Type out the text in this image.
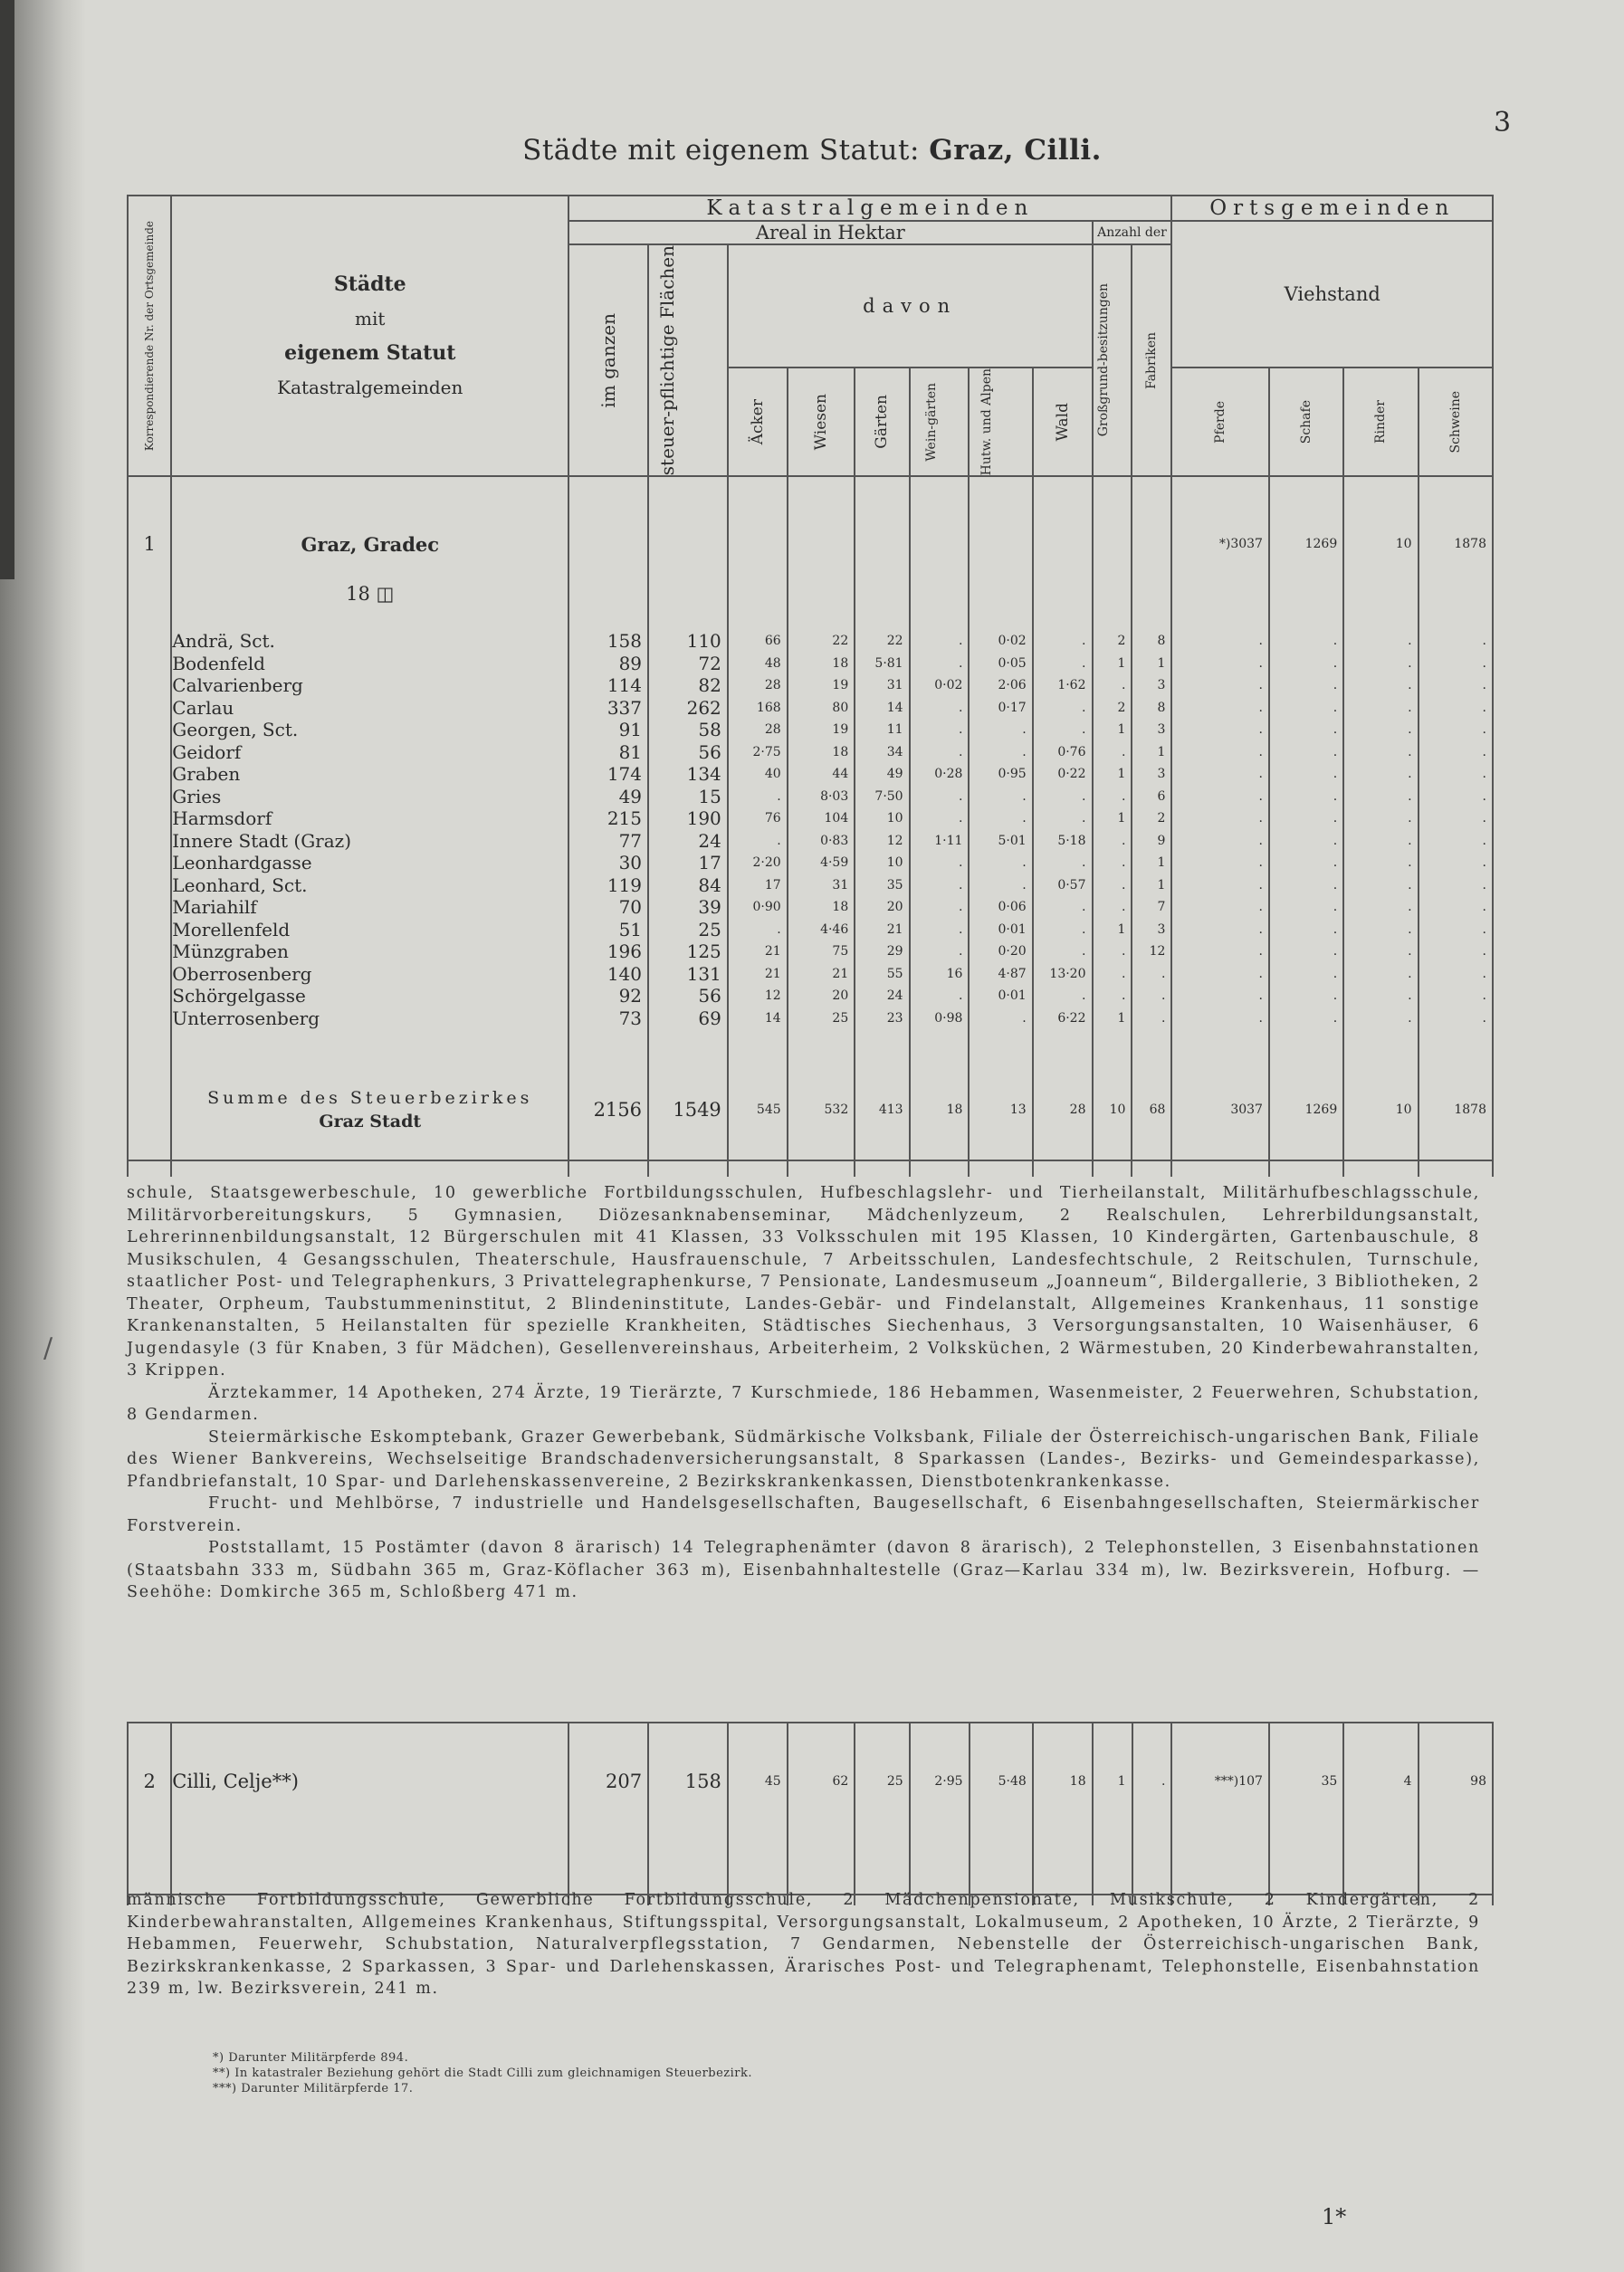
/
3
Städte mit eigenem Statut: Graz, Cilli.
Korrespondierende Nr. der Ortsgemeinde	Städte
mit
eigenem Statut
Katastralgemeinden	Katastralgemeinden										Ortsgemeinden			
		Areal in Hektar								Anzahl der		Viehstand			

		im ganzen	steuer-pflichtige Flächen	davon						Großgrund-besitzungen	Fabriken				

				Äcker	Wiesen	Gärten	Wein-gärten	Hutw. und Alpen	Wald			Pferde	Schafe	Rinder	Schweine

1	Graz, Gradec											*)3037	1269	10	1878
	18 ◫														
	Andrä, Sct.	158	110	66	22	22	.	0·02	.	2	8	.	.	.	.
	Bodenfeld	89	72	48	18	5·81	.	0·05	.	1	1	.	.	.	.
	Calvarienberg	114	82	28	19	31	0·02	2·06	1·62	.	3	.	.	.	.
	Carlau	337	262	168	80	14	.	0·17	.	2	8	.	.	.	.
	Georgen, Sct.	91	58	28	19	11	.	.	.	1	3	.	.	.	.
	Geidorf	81	56	2·75	18	34	.	.	0·76	.	1	.	.	.	.
	Graben	174	134	40	44	49	0·28	0·95	0·22	1	3	.	.	.	.
	Gries	49	15	.	8·03	7·50	.	.	.	.	6	.	.	.	.
	Harmsdorf	215	190	76	104	10	.	.	.	1	2	.	.	.	.
	Innere Stadt (Graz)	77	24	.	0·83	12	1·11	5·01	5·18	.	9	.	.	.	.
	Leonhardgasse	30	17	2·20	4·59	10	.	.	.	.	1	.	.	.	.
	Leonhard, Sct.	119	84	17	31	35	.	.	0·57	.	1	.	.	.	.
	Mariahilf	70	39	0·90	18	20	.	0·06	.	.	7	.	.	.	.
	Morellenfeld	51	25	.	4·46	21	.	0·01	.	1	3	.	.	.	.
	Münzgraben	196	125	21	75	29	.	0·20	.	.	12	.	.	.	.
	Oberrosenberg	140	131	21	21	55	16	4·87	13·20	.	.	.	.	.	.
	Schörgelgasse	92	56	12	20	24	.	0·01	.	.	.	.	.	.	.
	Unterrosenberg	73	69	14	25	23	0·98	.	6·22	1	.	.	.	.	.

	Summe des Steuerbezirkes
Graz Stadt	2156	1549	545	532	413	18	13	28	10	68	3037	1269	10	1878

schule, Staatsgewerbeschule, 10 gewerbliche Fortbildungsschulen, Hufbeschlagslehr- und Tierheilanstalt, Militärhufbeschlagsschule, Militärvorbereitungskurs, 5 Gymnasien, Diözesanknabenseminar, Mädchenlyzeum, 2 Realschulen, Lehrerbildungsanstalt, Lehrerinnenbildungsanstalt, 12 Bürgerschulen mit 41 Klassen, 33 Volksschulen mit 195 Klassen, 10 Kindergärten, Gartenbauschule, 8 Musikschulen, 4 Gesangsschulen, Theaterschule, Hausfrauenschule, 7 Arbeitsschulen, Landesfechtschule, 2 Reitschulen, Turnschule, staatlicher Post- und Telegraphenkurs, 3 Privattelegraphenkurse, 7 Pensionate, Landesmuseum „Joanneum“, Bildergallerie, 3 Bibliotheken, 2 Theater, Orpheum, Taubstummeninstitut, 2 Blindeninstitute, Landes-Gebär- und Findelanstalt, Allgemeines Krankenhaus, 11 sonstige Krankenanstalten, 5 Heilanstalten für spezielle Krankheiten, Städtisches Siechenhaus, 3 Versorgungsanstalten, 10 Waisenhäuser, 6 Jugendasyle (3 für Knaben, 3 für Mädchen), Gesellenvereinshaus, Arbeiterheim, 2 Volksküchen, 2 Wärmestuben, 20 Kinderbewahranstalten, 3 Krippen.

Ärztekammer, 14 Apotheken, 274 Ärzte, 19 Tierärzte, 7 Kurschmiede, 186 Hebammen, Wasenmeister, 2 Feuerwehren, Schubstation, 8 Gendarmen.

Steiermärkische Eskomptebank, Grazer Gewerbebank, Südmärkische Volksbank, Filiale der Österreichisch-ungarischen Bank, Filiale des Wiener Bankvereins, Wechselseitige Brandschadenversicherungsanstalt, 8 Sparkassen (Landes-, Bezirks- und Gemeindesparkasse), Pfandbriefanstalt, 10 Spar- und Darlehenskassenvereine, 2 Bezirkskrankenkassen, Dienstbotenkrankenkasse.

Frucht- und Mehlbörse, 7 industrielle und Handelsgesellschaften, Baugesellschaft, 6 Eisenbahngesellschaften, Steiermärkischer Forstverein.

Poststallamt, 15 Postämter (davon 8 ärarisch) 14 Telegraphenämter (davon 8 ärarisch), 2 Telephonstellen, 3 Eisenbahnstationen (Staatsbahn 333 m, Südbahn 365 m, Graz-Köflacher 363 m), Eisenbahnhaltestelle (Graz—Karlau 334 m), lw. Bezirksverein, Hofburg. — Seehöhe: Domkirche 365 m, Schloßberg 471 m.

2	Cilli, Celje**)	207	158	45	62	25	2·95	5·48	18	1	.	***)107	35	4	98

männische Fortbildungsschule, Gewerbliche Fortbildungsschule, 2 Mädchenpensionate, Musikschule, 2 Kindergärten, 2 Kinderbewahranstalten, Allgemeines Krankenhaus, Stiftungsspital, Versorgungsanstalt, Lokalmuseum, 2 Apotheken, 10 Ärzte, 2 Tierärzte, 9 Hebammen, Feuerwehr, Schubstation, Naturalverpflegsstation, 7 Gendarmen, Nebenstelle der Österreichisch-ungarischen Bank, Bezirkskrankenkasse, 2 Sparkassen, 3 Spar- und Darlehenskassen, Ärarisches Post- und Telegraphenamt, Telephonstelle, Eisenbahnstation 239 m, lw. Bezirksverein, 241 m.

*) Darunter Militärpferde 894.
**) In katastraler Beziehung gehört die Stadt Cilli zum gleichnamigen Steuerbezirk.
***) Darunter Militärpferde 17.
1*
